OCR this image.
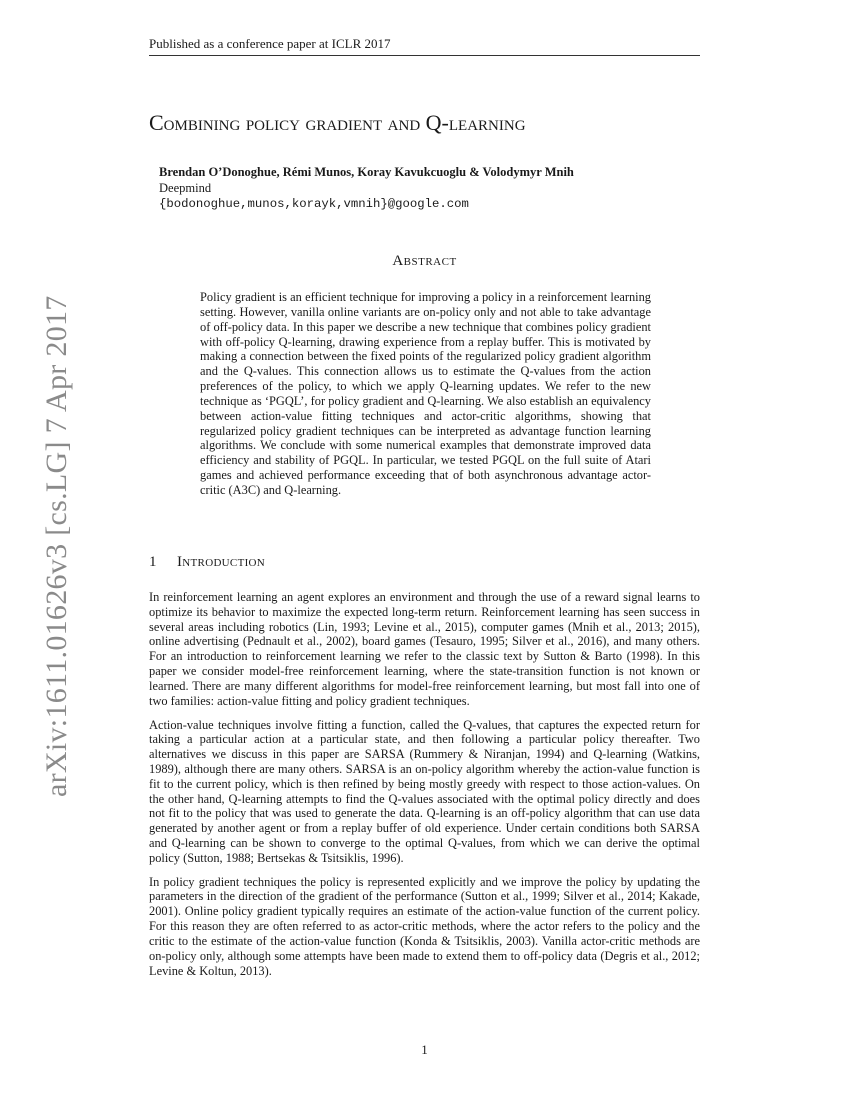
Published as a conference paper at ICLR 2017
arXiv:1611.01626v3 [cs.LG] 7 Apr 2017
Combining policy gradient and Q-learning
Brendan O’Donoghue, Rémi Munos, Koray Kavukcuoglu & Volodymyr Mnih
Deepmind
{bodonoghue,munos,korayk,vmnih}@google.com
Abstract
Policy gradient is an efficient technique for improving a policy in a reinforcement learning setting. However, vanilla online variants are on-policy only and not able to take advantage of off-policy data. In this paper we describe a new technique that combines policy gradient with off-policy Q-learning, drawing experience from a replay buffer. This is motivated by making a connection between the fixed points of the regularized policy gradient algorithm and the Q-values. This connection allows us to estimate the Q-values from the action preferences of the policy, to which we apply Q-learning updates. We refer to the new technique as ‘PGQL’, for policy gradient and Q-learning. We also establish an equivalency between action-value fitting techniques and actor-critic algorithms, showing that regularized policy gradient techniques can be interpreted as advantage function learning algorithms. We conclude with some numerical examples that demonstrate improved data efficiency and stability of PGQL. In particular, we tested PGQL on the full suite of Atari games and achieved performance exceeding that of both asynchronous advantage actor-critic (A3C) and Q-learning.
1 Introduction

In reinforcement learning an agent explores an environment and through the use of a reward signal learns to optimize its behavior to maximize the expected long-term return. Reinforcement learning has seen success in several areas including robotics (Lin, 1993; Levine et al., 2015), computer games (Mnih et al., 2013; 2015), online advertising (Pednault et al., 2002), board games (Tesauro, 1995; Silver et al., 2016), and many others. For an introduction to reinforcement learning we refer to the classic text by Sutton & Barto (1998). In this paper we consider model-free reinforcement learning, where the state-transition function is not known or learned. There are many different algorithms for model-free reinforcement learning, but most fall into one of two families: action-value fitting and policy gradient techniques.

Action-value techniques involve fitting a function, called the Q-values, that captures the expected return for taking a particular action at a particular state, and then following a particular policy thereafter. Two alternatives we discuss in this paper are SARSA (Rummery & Niranjan, 1994) and Q-learning (Watkins, 1989), although there are many others. SARSA is an on-policy algorithm whereby the action-value function is fit to the current policy, which is then refined by being mostly greedy with respect to those action-values. On the other hand, Q-learning attempts to find the Q-values associated with the optimal policy directly and does not fit to the policy that was used to generate the data. Q-learning is an off-policy algorithm that can use data generated by another agent or from a replay buffer of old experience. Under certain conditions both SARSA and Q-learning can be shown to converge to the optimal Q-values, from which we can derive the optimal policy (Sutton, 1988; Bertsekas & Tsitsiklis, 1996).

In policy gradient techniques the policy is represented explicitly and we improve the policy by updating the parameters in the direction of the gradient of the performance (Sutton et al., 1999; Silver et al., 2014; Kakade, 2001). Online policy gradient typically requires an estimate of the action-value function of the current policy. For this reason they are often referred to as actor-critic methods, where the actor refers to the policy and the critic to the estimate of the action-value function (Konda & Tsitsiklis, 2003). Vanilla actor-critic methods are on-policy only, although some attempts have been made to extend them to off-policy data (Degris et al., 2012; Levine & Koltun, 2013).

1
